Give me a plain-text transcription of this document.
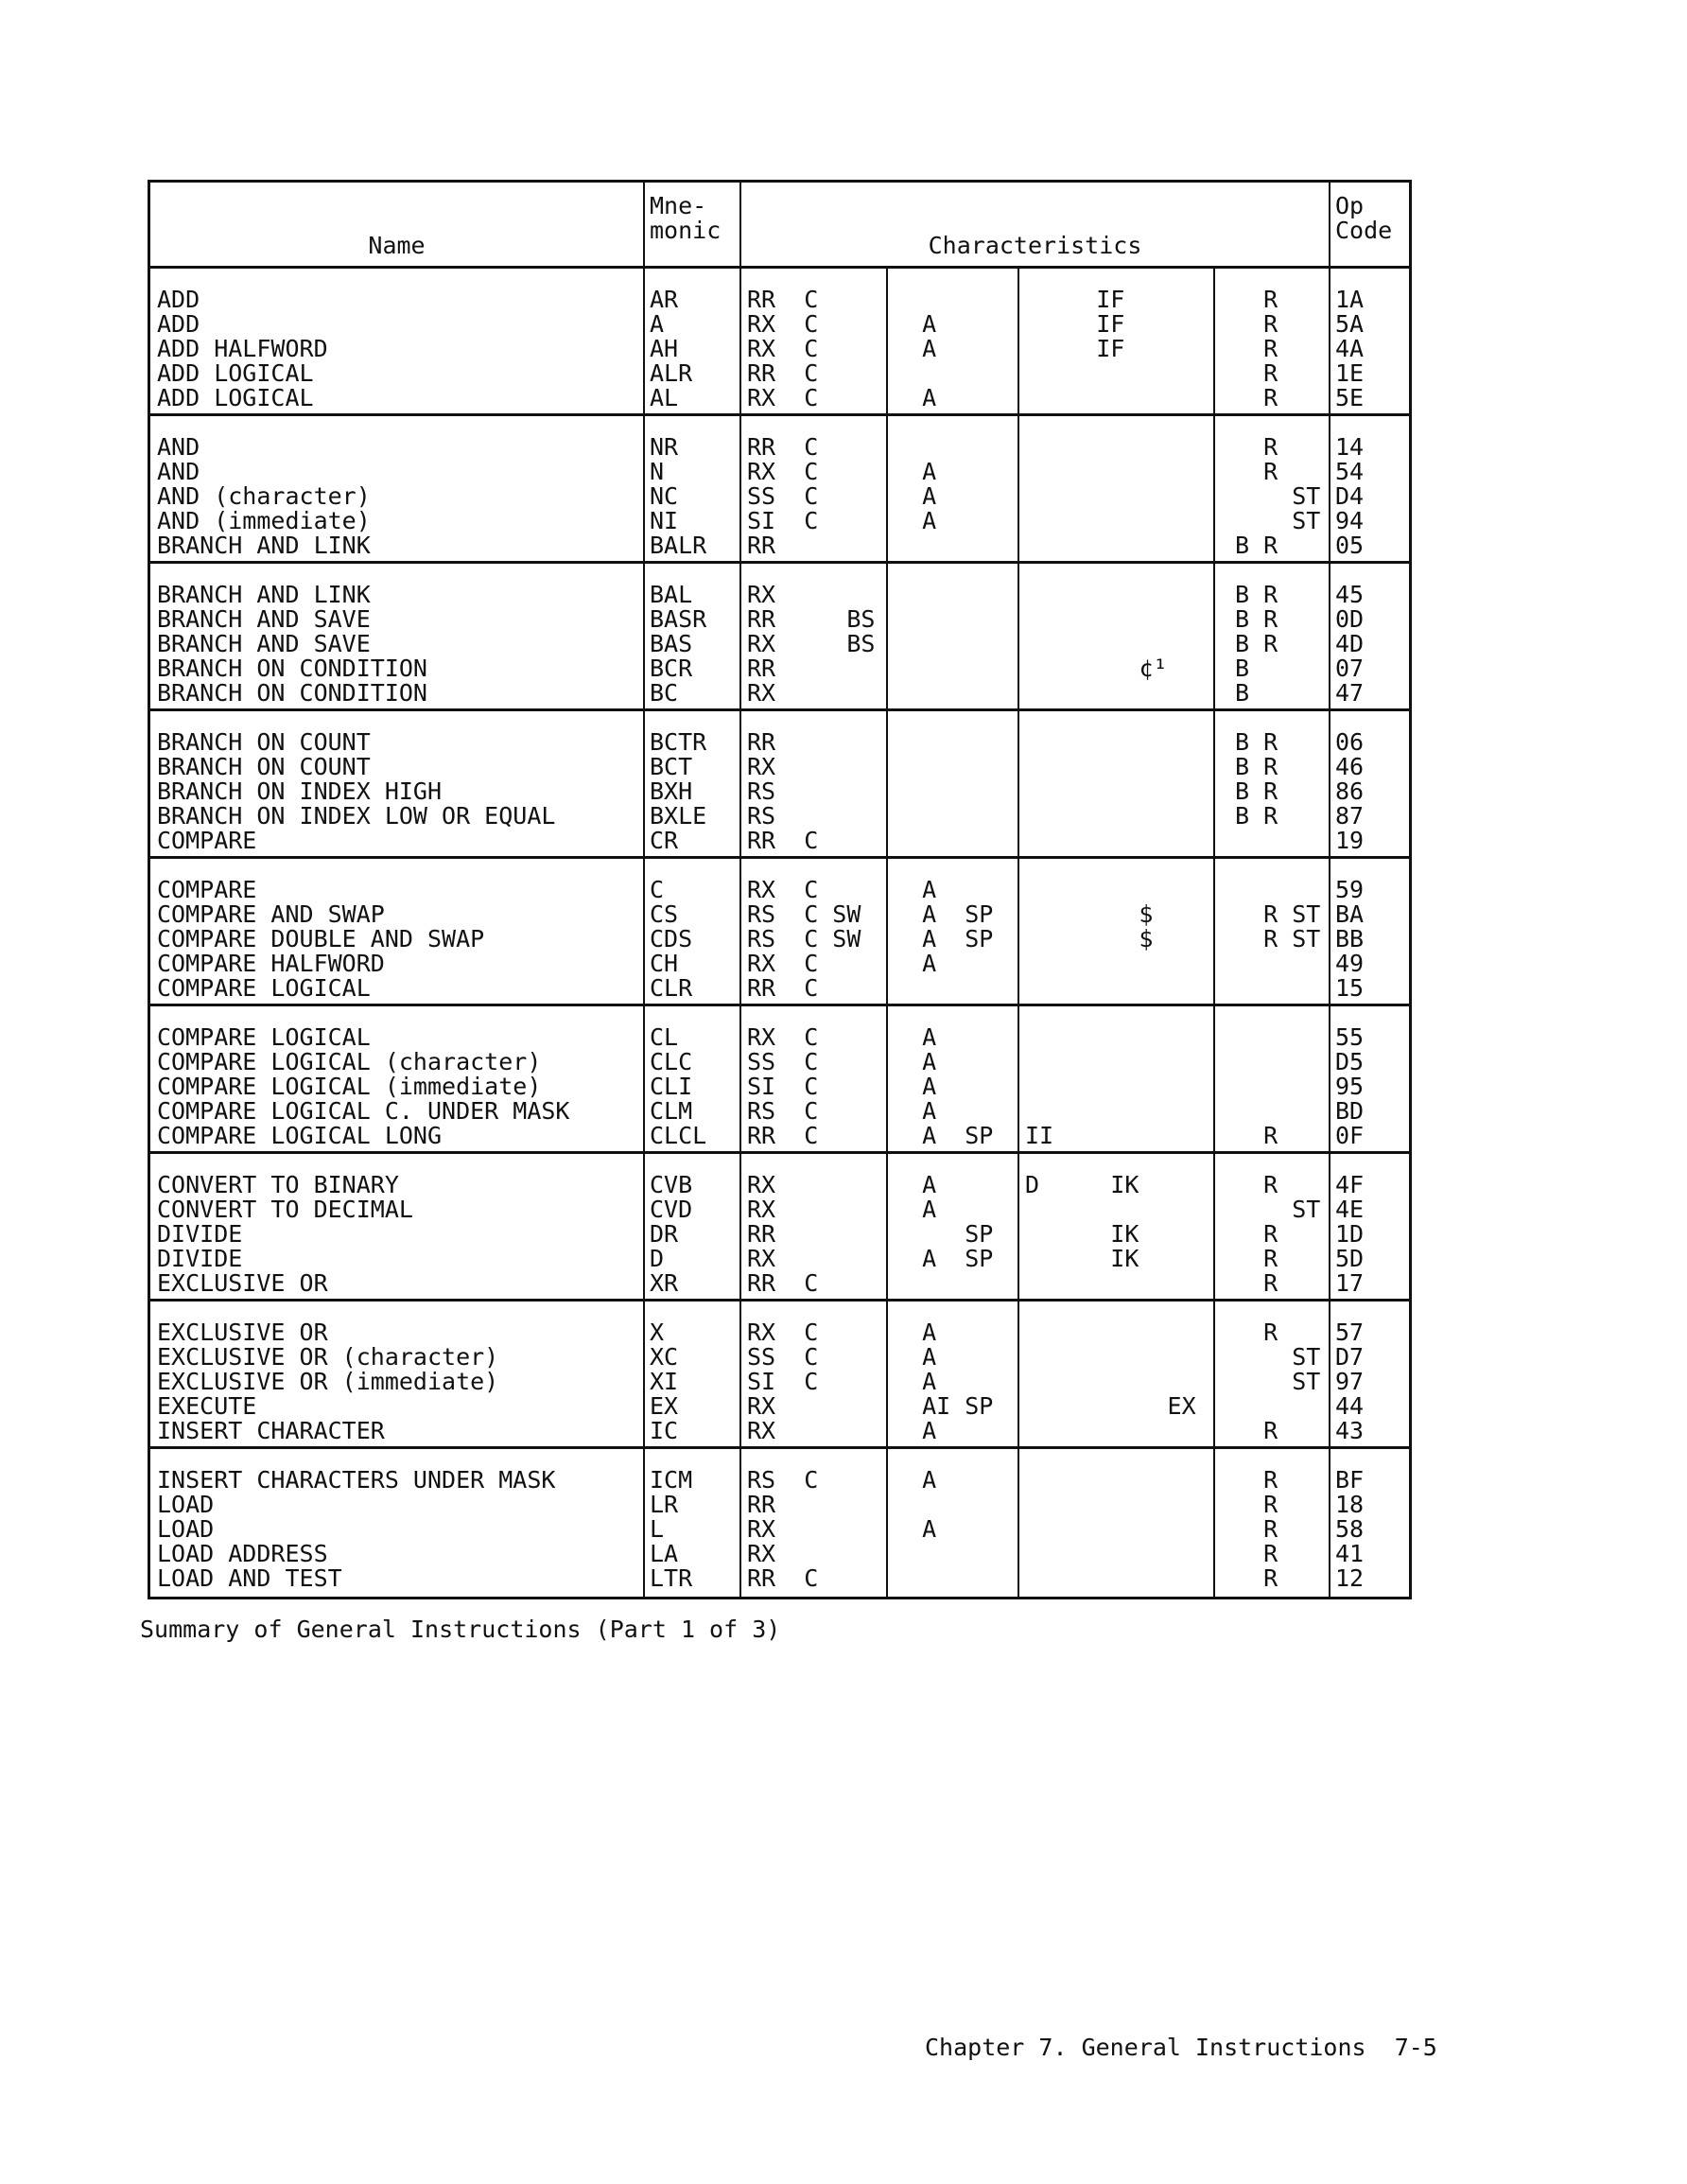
Name
Mne-
monic
Characteristics
Op
Code
ADD
ADD
ADD HALFWORD
ADD LOGICAL
ADD LOGICAL
AR
A
AH
ALR
AL
RR  C
RX  C
RX  C
RR  C
RX  C
A
A
A
IF
IF
IF
R
R
R
R
R
1A
5A
4A
1E
5E
AND
AND
AND (character)
AND (immediate)
BRANCH AND LINK
NR
N
NC
NI
BALR
RR  C
RX  C
SS  C
SI  C
RR
A
A
A
R
R
ST
ST
B R
14
54
D4
94
05
BRANCH AND LINK
BRANCH AND SAVE
BRANCH AND SAVE
BRANCH ON CONDITION
BRANCH ON CONDITION
BAL
BASR
BAS
BCR
BC
RX
RR     BS
RX     BS
RR
RX
¢¹
B R
B R
B R
B
B
45
0D
4D
07
47
BRANCH ON COUNT
BRANCH ON COUNT
BRANCH ON INDEX HIGH
BRANCH ON INDEX LOW OR EQUAL
COMPARE
BCTR
BCT
BXH
BXLE
CR
RR
RX
RS
RS
RR  C
B R
B R
B R
B R
06
46
86
87
19
COMPARE
COMPARE AND SWAP
COMPARE DOUBLE AND SWAP
COMPARE HALFWORD
COMPARE LOGICAL
C
CS
CDS
CH
CLR
RX  C
RS  C SW
RS  C SW
RX  C
RR  C
A
A  SP
A  SP
A
$
$
R ST
R ST
59
BA
BB
49
15
COMPARE LOGICAL
COMPARE LOGICAL (character)
COMPARE LOGICAL (immediate)
COMPARE LOGICAL C. UNDER MASK
COMPARE LOGICAL LONG
CL
CLC
CLI
CLM
CLCL
RX  C
SS  C
SI  C
RS  C
RR  C
A
A
A
A
A  SP	II	R
55
D5
95
BD
0F
CONVERT TO BINARY
CONVERT TO DECIMAL
DIVIDE
DIVIDE
EXCLUSIVE OR
CVB
CVD
DR
D
XR
RX
RX
RR
RX
RR  C
A
A
SP
A  SP
D     IK
IK
IK
R
ST
R
R
R
4F
4E
1D
5D
17
EXCLUSIVE OR
EXCLUSIVE OR (character)
EXCLUSIVE OR (immediate)
EXECUTE
INSERT CHARACTER
X
XC
XI
EX
IC
RX  C
SS  C
SI  C
RX
RX
A
A
A
AI SP
A
EX
R
ST
ST
R
57
D7
97
44
43
INSERT CHARACTERS UNDER MASK
LOAD
LOAD
LOAD ADDRESS
LOAD AND TEST
ICM
LR
L
LA
LTR
RS  C
RR
RX
RX
RR  C
A
A
R
R
R
R
R
BF
18
58
41
12
Summary of General Instructions (Part 1 of 3)
Chapter 7. General Instructions 7-5
